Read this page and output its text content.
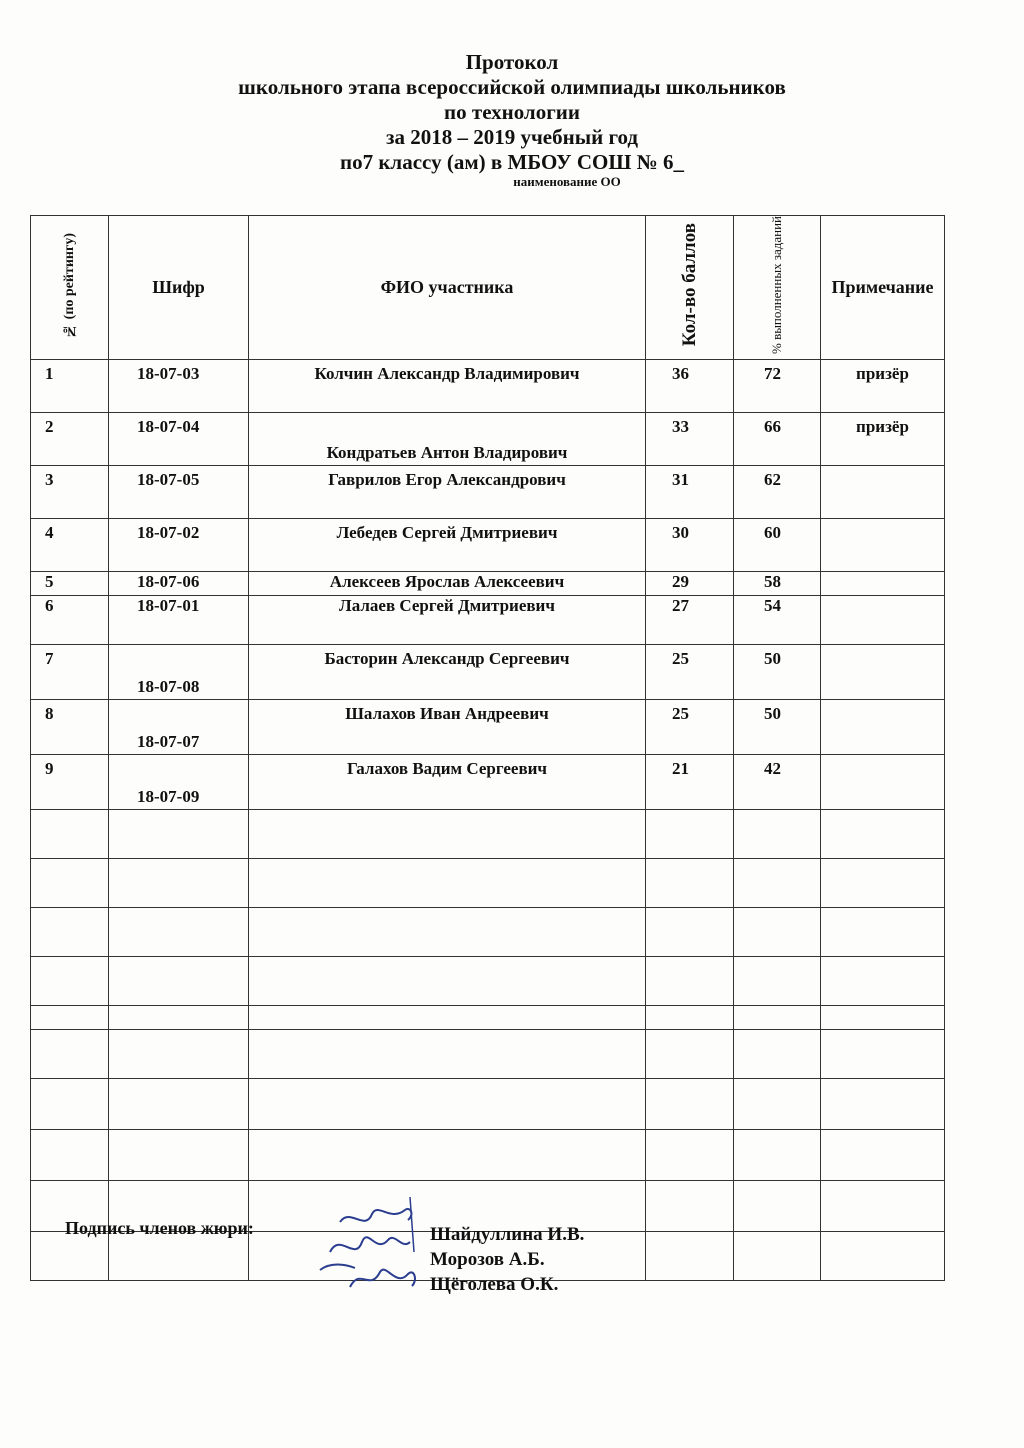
Протокол
школьного этапа всероссийской олимпиады школьников
по технологии
за 2018 – 2019 учебный год
по7 классу (ам) в МБОУ СОШ № 6_
наименование ОО
№ (по рейтингу)	Шифр	ФИО участника	Кол-во баллов	% выполненных заданий	Примечание
1	18-07-03	Колчин Александр Владимирович	36	72	призёр
2	18-07-04	Кондратьев Антон Владирович	33	66	призёр
3	18-07-05	Гаврилов Егор Александрович	31	62	
4	18-07-02	Лебедев Сергей Дмитриевич	30	60	
5	18-07-06	Алексеев Ярослав Алексеевич	29	58	
6	18-07-01	Лалаев Сергей Дмитриевич	27	54	
7	18-07-08	Басторин Александр Сергеевич	25	50	
8	18-07-07	Шалахов Иван Андреевич	25	50	
9	18-07-09	Галахов Вадим Сергеевич	21	42	

Подпись членов жюри:	Шайдуллина И.В.
Морозов А.Б.
Щёголева О.К.
